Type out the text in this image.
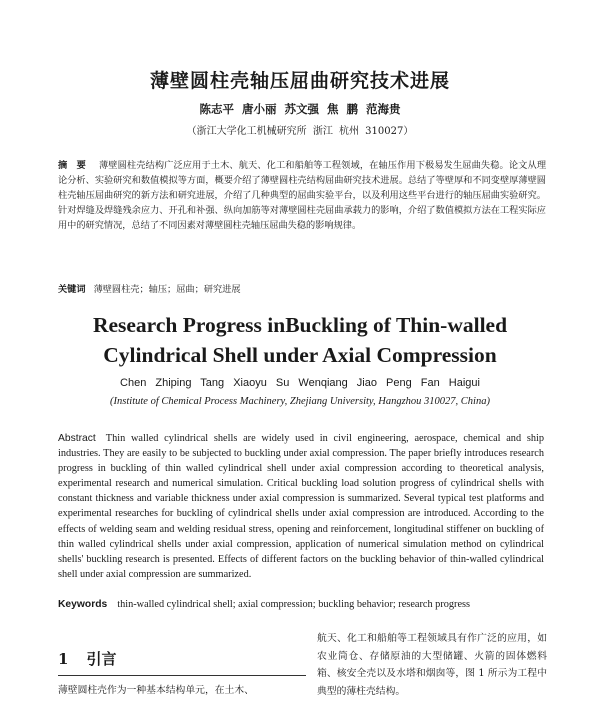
薄壁圆柱壳轴压屈曲研究技术进展
陈志平 唐小丽 苏文强 焦 鹏 范海贵
（浙江大学化工机械研究所 浙江 杭州 310027）
摘 要 薄壁圆柱壳结构广泛应用于土木、航天、化工和船舶等工程领域，在轴压作用下极易发生屈曲失稳。论文从理论分析、实验研究和数值模拟等方面，概要介绍了薄壁圆柱壳结构屈曲研究技术进展。总结了等壁厚和不同变壁厚薄壁圆柱壳轴压屈曲研究的新方法和研究进展，介绍了几种典型的屈曲实验平台，以及利用这些平台进行的轴压屈曲实验研究。针对焊缝及焊缝残余应力、开孔和补强、纵向加筋等对薄壁圆柱壳屈曲承载力的影响，介绍了数值模拟方法在工程实际应用中的研究情况，总结了不同因素对薄壁圆柱壳轴压屈曲失稳的影响规律。
关键词 薄壁圆柱壳；轴压；屈曲；研究进展
Research Progress inBuckling of Thin-walled
Cylindrical Shell under Axial Compression
Chen Zhiping Tang Xiaoyu Su Wenqiang Jiao Peng Fan Haigui
(Institute of Chemical Process Machinery, Zhejiang University, Hangzhou 310027, China)
Abstract Thin walled cylindrical shells are widely used in civil engineering, aerospace, chemical and ship industries. They are easily to be subjected to buckling under axial compression. The paper briefly introduces research progress in buckling of thin walled cylindrical shell under axial compression according to theoretical analysis, experimental research and numerical simulation. Critical buckling load solution progress of cylindrical shells with constant thickness and variable thickness under axial compression is summarized. Several typical test platforms and experimental researches for buckling of cylindrical shells under axial compression are introduced. According to the effects of welding seam and welding residual stress, opening and reinforcement, longitudinal stiffener on buckling of thin walled cylindrical shells under axial compression, application of numerical simulation method on cylindrical shells' buckling research is presented. Effects of different factors on the buckling behavior of thin-walled cylindrical shell under axial compression are summarized.
Keywords thin-walled cylindrical shell; axial compression; buckling behavior; research progress
1 引言
薄壁圆柱壳作为一种基本结构单元，在土木、
航天、化工和船舶等工程领域具有作广泛的应用，如农业筒仓、存储原油的大型储罐、火箭的固体燃料箱、核安全壳以及水塔和烟囱等，图 1 所示为工程中典型的薄柱壳结构。
